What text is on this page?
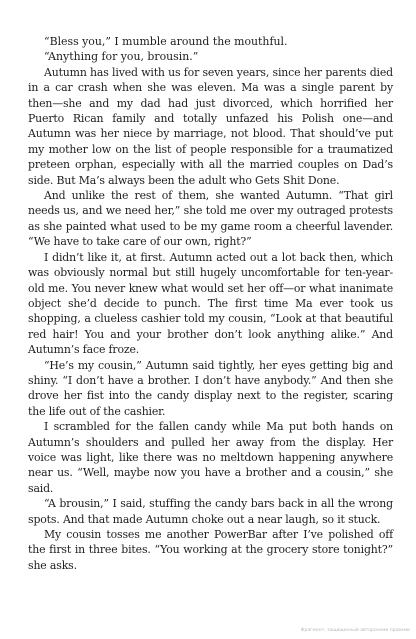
“Bless you,” I mumble around the mouthful.

“Anything for you, brousin.”

Autumn has lived with us for seven years, since her parents died in a car crash when she was eleven. Ma was a single parent by then—she and my dad had just divorced, which horrified her Puerto Rican family and totally unfazed his Polish one—and Autumn was her niece by marriage, not blood. That should’ve put my mother low on the list of people responsible for a traumatized preteen orphan, especially with all the married couples on Dad’s side. But Ma’s always been the adult who Gets Shit Done.

And unlike the rest of them, she wanted Autumn. “That girl needs us, and we need her,” she told me over my outraged protests as she painted what used to be my game room a cheerful lavender. “We have to take care of our own, right?”

I didn’t like it, at first. Autumn acted out a lot back then, which was obviously normal but still hugely uncomfortable for ten-year-old me. You never knew what would set her off—or what inanimate object she’d decide to punch. The first time Ma ever took us shopping, a clueless cashier told my cousin, “Look at that beautiful red hair! You and your brother don’t look anything alike.” And Autumn’s face froze.

“He’s my cousin,” Autumn said tightly, her eyes getting big and shiny. “I don’t have a brother. I don’t have anybody.” And then she drove her fist into the candy display next to the register, scaring the life out of the cashier.

I scrambled for the fallen candy while Ma put both hands on Autumn’s shoulders and pulled her away from the display. Her voice was light, like there was no meltdown happening anywhere near us. “Well, maybe now you have a brother and a cousin,” she said.

“A brousin,” I said, stuffing the candy bars back in all the wrong spots. And that made Autumn choke out a near laugh, so it stuck.

My cousin tosses me another PowerBar after I’ve polished off the first in three bites. “You working at the grocery store tonight?” she asks.

Фрагмент, защищенный авторскими правами
